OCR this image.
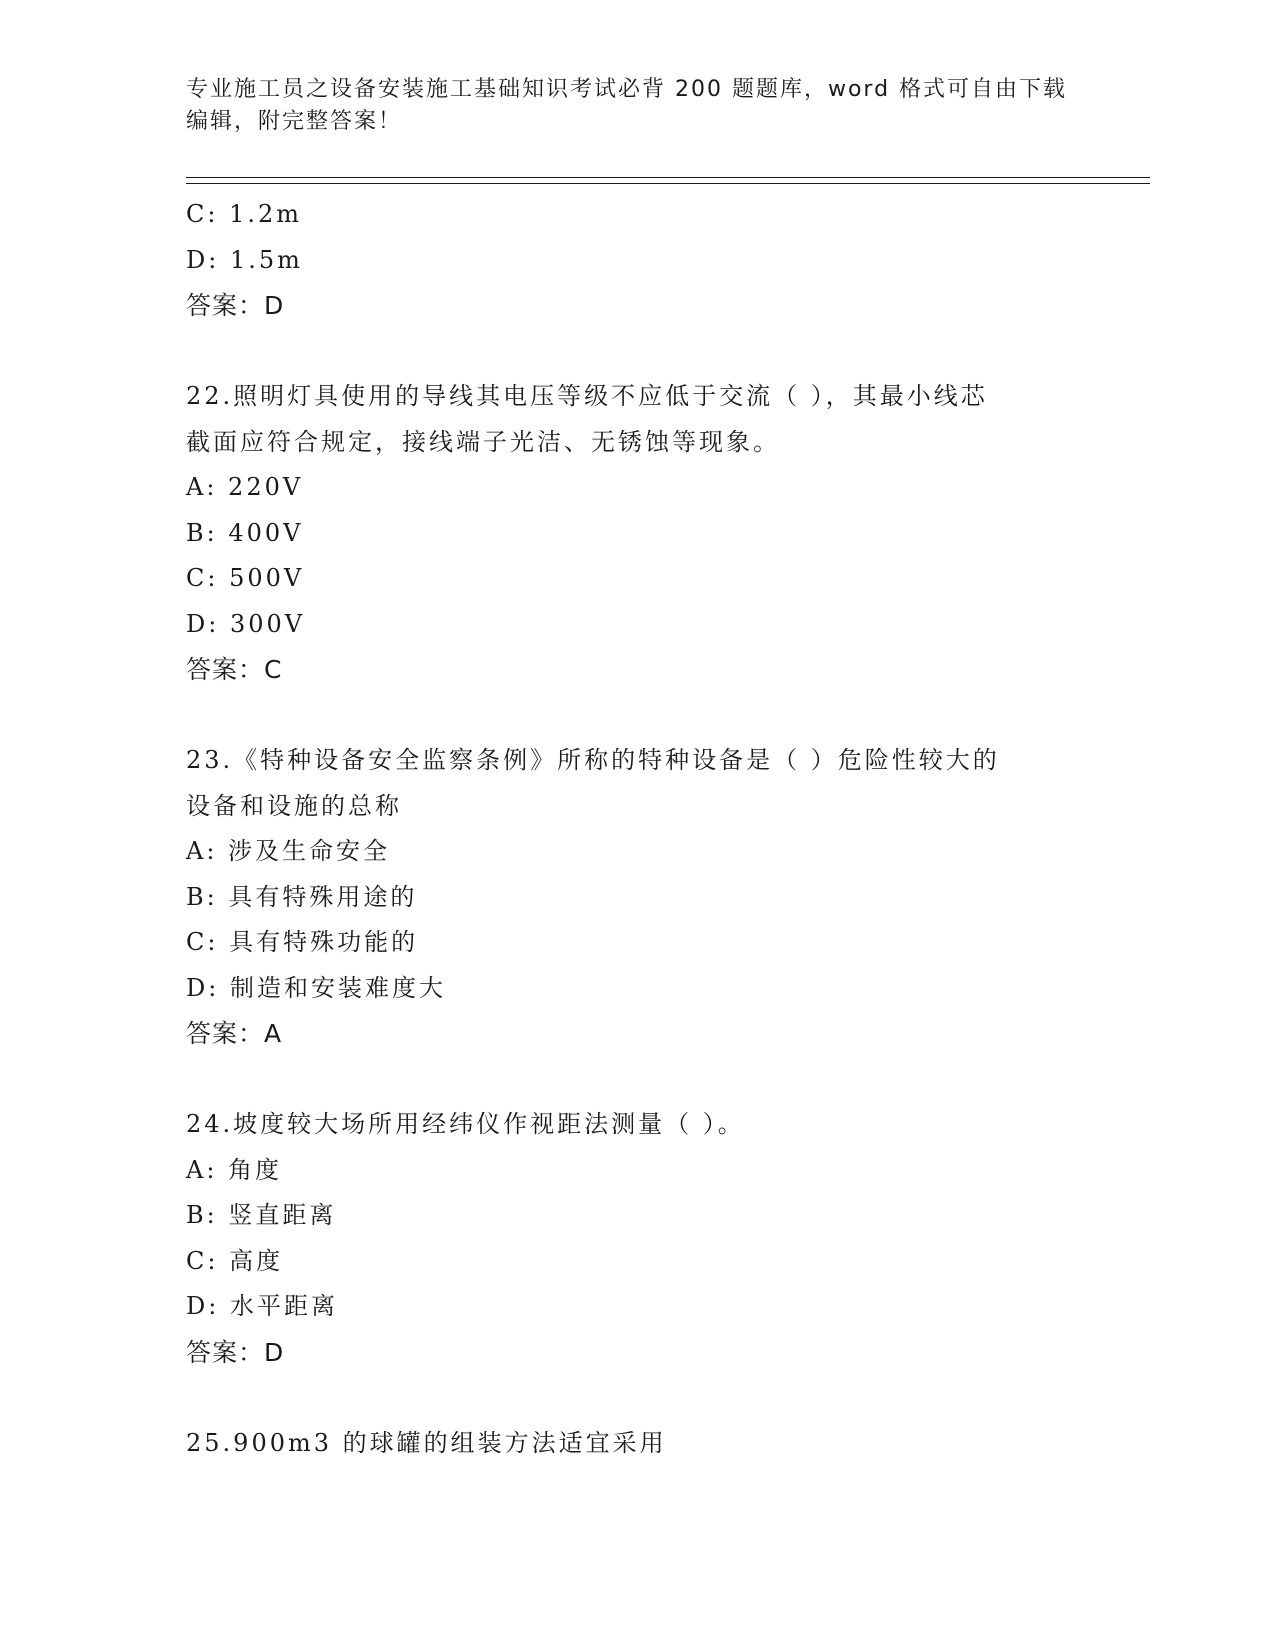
专业施工员之设备安装施工基础知识考试必背 200 题题库，word 格式可自由下载
编辑，附完整答案！
C: 1.2m
D: 1.5m
答案：D
22.照明灯具使用的导线其电压等级不应低于交流（ ），其最小线芯
截面应符合规定，接线端子光洁、无锈蚀等现象。
A: 220V
B: 400V
C: 500V
D: 300V
答案：C
23.《特种设备安全监察条例》所称的特种设备是（ ）危险性较大的
设备和设施的总称
A: 涉及生命安全
B: 具有特殊用途的
C: 具有特殊功能的
D: 制造和安装难度大
答案：A
24.坡度较大场所用经纬仪作视距法测量（ ）。
A: 角度
B: 竖直距离
C: 高度
D: 水平距离
答案：D
25.900m3 的球罐的组装方法适宜采用
